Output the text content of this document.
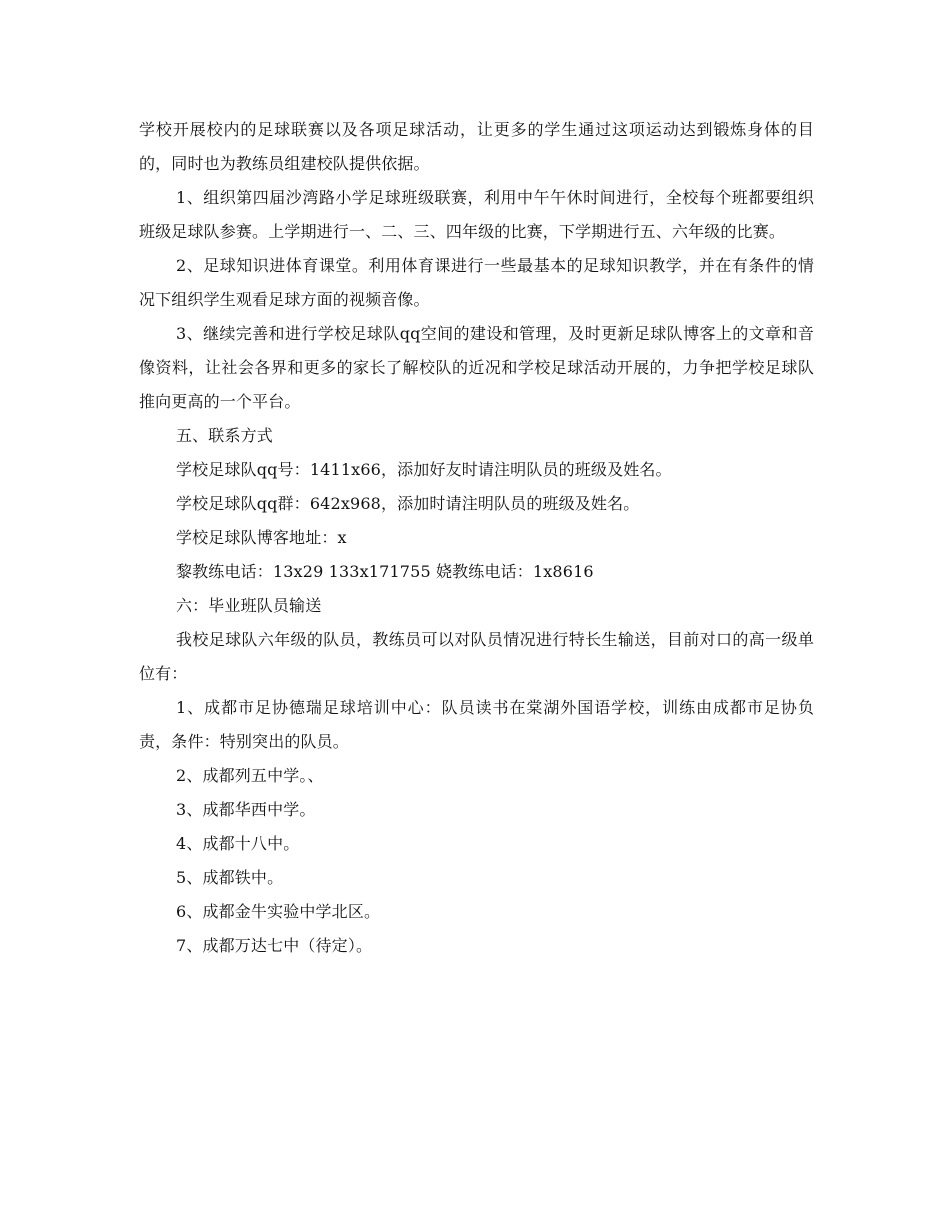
学校开展校内的足球联赛以及各项足球活动，让更多的学生通过这项运动达到锻炼身体的目的，同时也为教练员组建校队提供依据。

1、组织第四届沙湾路小学足球班级联赛，利用中午午休时间进行，全校每个班都要组织班级足球队参赛。上学期进行一、二、三、四年级的比赛，下学期进行五、六年级的比赛。

2、足球知识进体育课堂。利用体育课进行一些最基本的足球知识教学，并在有条件的情况下组织学生观看足球方面的视频音像。

3、继续完善和进行学校足球队qq空间的建设和管理，及时更新足球队博客上的文章和音像资料，让社会各界和更多的家长了解校队的近况和学校足球活动开展的，力争把学校足球队推向更高的一个平台。

五、联系方式

学校足球队qq号：1411x66，添加好友时请注明队员的班级及姓名。

学校足球队qq群：642x968，添加时请注明队员的班级及姓名。

学校足球队博客地址：x

黎教练电话：13x29 133x171755 娆教练电话：1x8616

六：毕业班队员输送

我校足球队六年级的队员，教练员可以对队员情况进行特长生输送，目前对口的高一级单位有：

1、成都市足协德瑞足球培训中心：队员读书在棠湖外国语学校，训练由成都市足协负责，条件：特别突出的队员。

2、成都列五中学。、

3、成都华西中学。

4、成都十八中。

5、成都铁中。

6、成都金牛实验中学北区。

7、成都万达七中（待定）。
